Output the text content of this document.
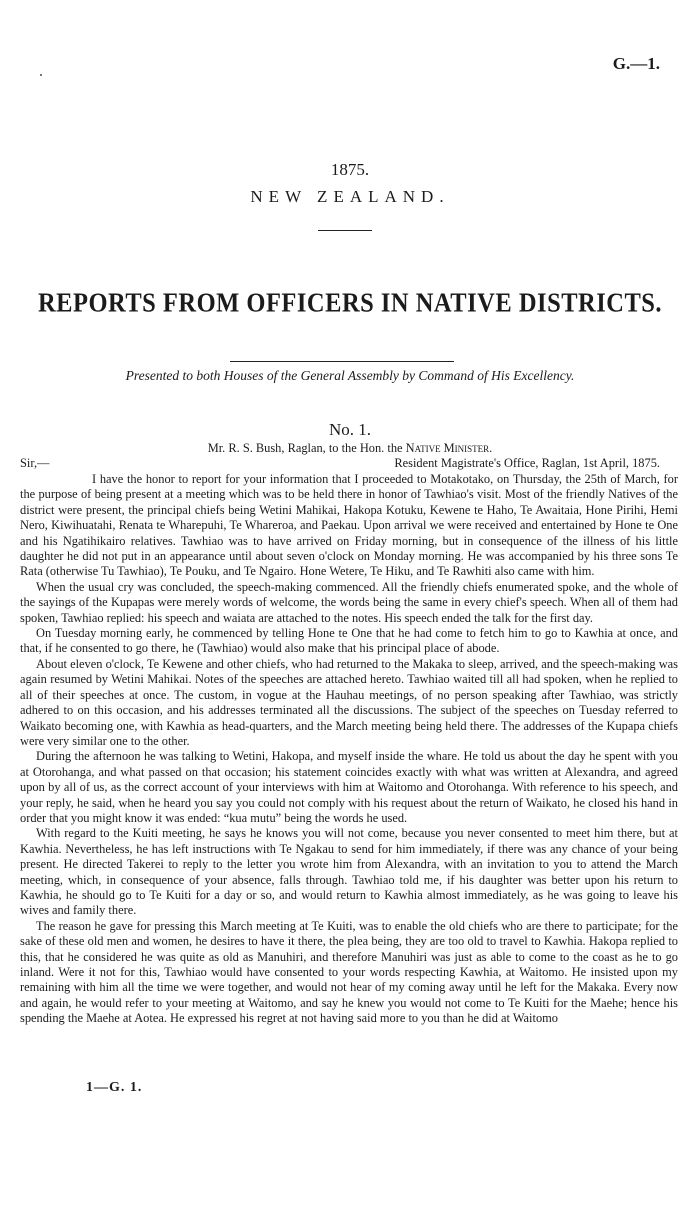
G.—1.
1875.
NEW ZEALAND.
REPORTS FROM OFFICERS IN NATIVE DISTRICTS.
Presented to both Houses of the General Assembly by Command of His Excellency.
No. 1.
Mr. R. S. Bush, Raglan, to the Hon. the Native Minister.
Sir,—	Resident Magistrate's Office, Raglan, 1st April, 1875.

I have the honor to report for your information that I proceeded to Motakotako, on Thursday, the 25th of March, for the purpose of being present at a meeting which was to be held there in honor of Tawhiao's visit. Most of the friendly Natives of the district were present, the principal chiefs being Wetini Mahikai, Hakopa Kotuku, Kewene te Haho, Te Awaitaia, Hone Pirihi, Hemi Nero, Kiwihuatahi, Renata te Wharepuhi, Te Whareroa, and Paekau. Upon arrival we were received and entertained by Hone te One and his Ngatihikairo relatives. Tawhiao was to have arrived on Friday morning, but in consequence of the illness of his little daughter he did not put in an appearance until about seven o'clock on Monday morning. He was accompanied by his three sons Te Rata (otherwise Tu Tawhiao), Te Pouku, and Te Ngairo. Hone Wetere, Te Hiku, and Te Rawhiti also came with him.

When the usual cry was concluded, the speech-making commenced. All the friendly chiefs enumerated spoke, and the whole of the sayings of the Kupapas were merely words of welcome, the words being the same in every chief's speech. When all of them had spoken, Tawhiao replied: his speech and waiata are attached to the notes. His speech ended the talk for the first day.

On Tuesday morning early, he commenced by telling Hone te One that he had come to fetch him to go to Kawhia at once, and that, if he consented to go there, he (Tawhiao) would also make that his principal place of abode.

About eleven o'clock, Te Kewene and other chiefs, who had returned to the Makaka to sleep, arrived, and the speech-making was again resumed by Wetini Mahikai. Notes of the speeches are attached hereto. Tawhiao waited till all had spoken, when he replied to all of their speeches at once. The custom, in vogue at the Hauhau meetings, of no person speaking after Tawhiao, was strictly adhered to on this occasion, and his addresses terminated all the discussions. The subject of the speeches on Tuesday referred to Waikato becoming one, with Kawhia as head-quarters, and the March meeting being held there. The addresses of the Kupapa chiefs were very similar one to the other.

During the afternoon he was talking to Wetini, Hakopa, and myself inside the whare. He told us about the day he spent with you at Otorohanga, and what passed on that occasion; his statement coincides exactly with what was written at Alexandra, and agreed upon by all of us, as the correct account of your interviews with him at Waitomo and Otorohanga. With reference to his speech, and your reply, he said, when he heard you say you could not comply with his request about the return of Waikato, he closed his hand in order that you might know it was ended: “kua mutu” being the words he used.

With regard to the Kuiti meeting, he says he knows you will not come, because you never consented to meet him there, but at Kawhia. Nevertheless, he has left instructions with Te Ngakau to send for him immediately, if there was any chance of your being present. He directed Takerei to reply to the letter you wrote him from Alexandra, with an invitation to you to attend the March meeting, which, in consequence of your absence, falls through. Tawhiao told me, if his daughter was better upon his return to Kawhia, he should go to Te Kuiti for a day or so, and would return to Kawhia almost immediately, as he was going to leave his wives and family there.

The reason he gave for pressing this March meeting at Te Kuiti, was to enable the old chiefs who are there to participate; for the sake of these old men and women, he desires to have it there, the plea being, they are too old to travel to Kawhia. Hakopa replied to this, that he considered he was quite as old as Manuhiri, and therefore Manuhiri was just as able to come to the coast as he to go inland. Were it not for this, Tawhiao would have consented to your words respecting Kawhia, at Waitomo. He insisted upon my remaining with him all the time we were together, and would not hear of my coming away until he left for the Makaka. Every now and again, he would refer to your meeting at Waitomo, and say he knew you would not come to Te Kuiti for the Maehe; hence his spending the Maehe at Aotea. He expressed his regret at not having said more to you than he did at Waitomo

1—G. 1.
